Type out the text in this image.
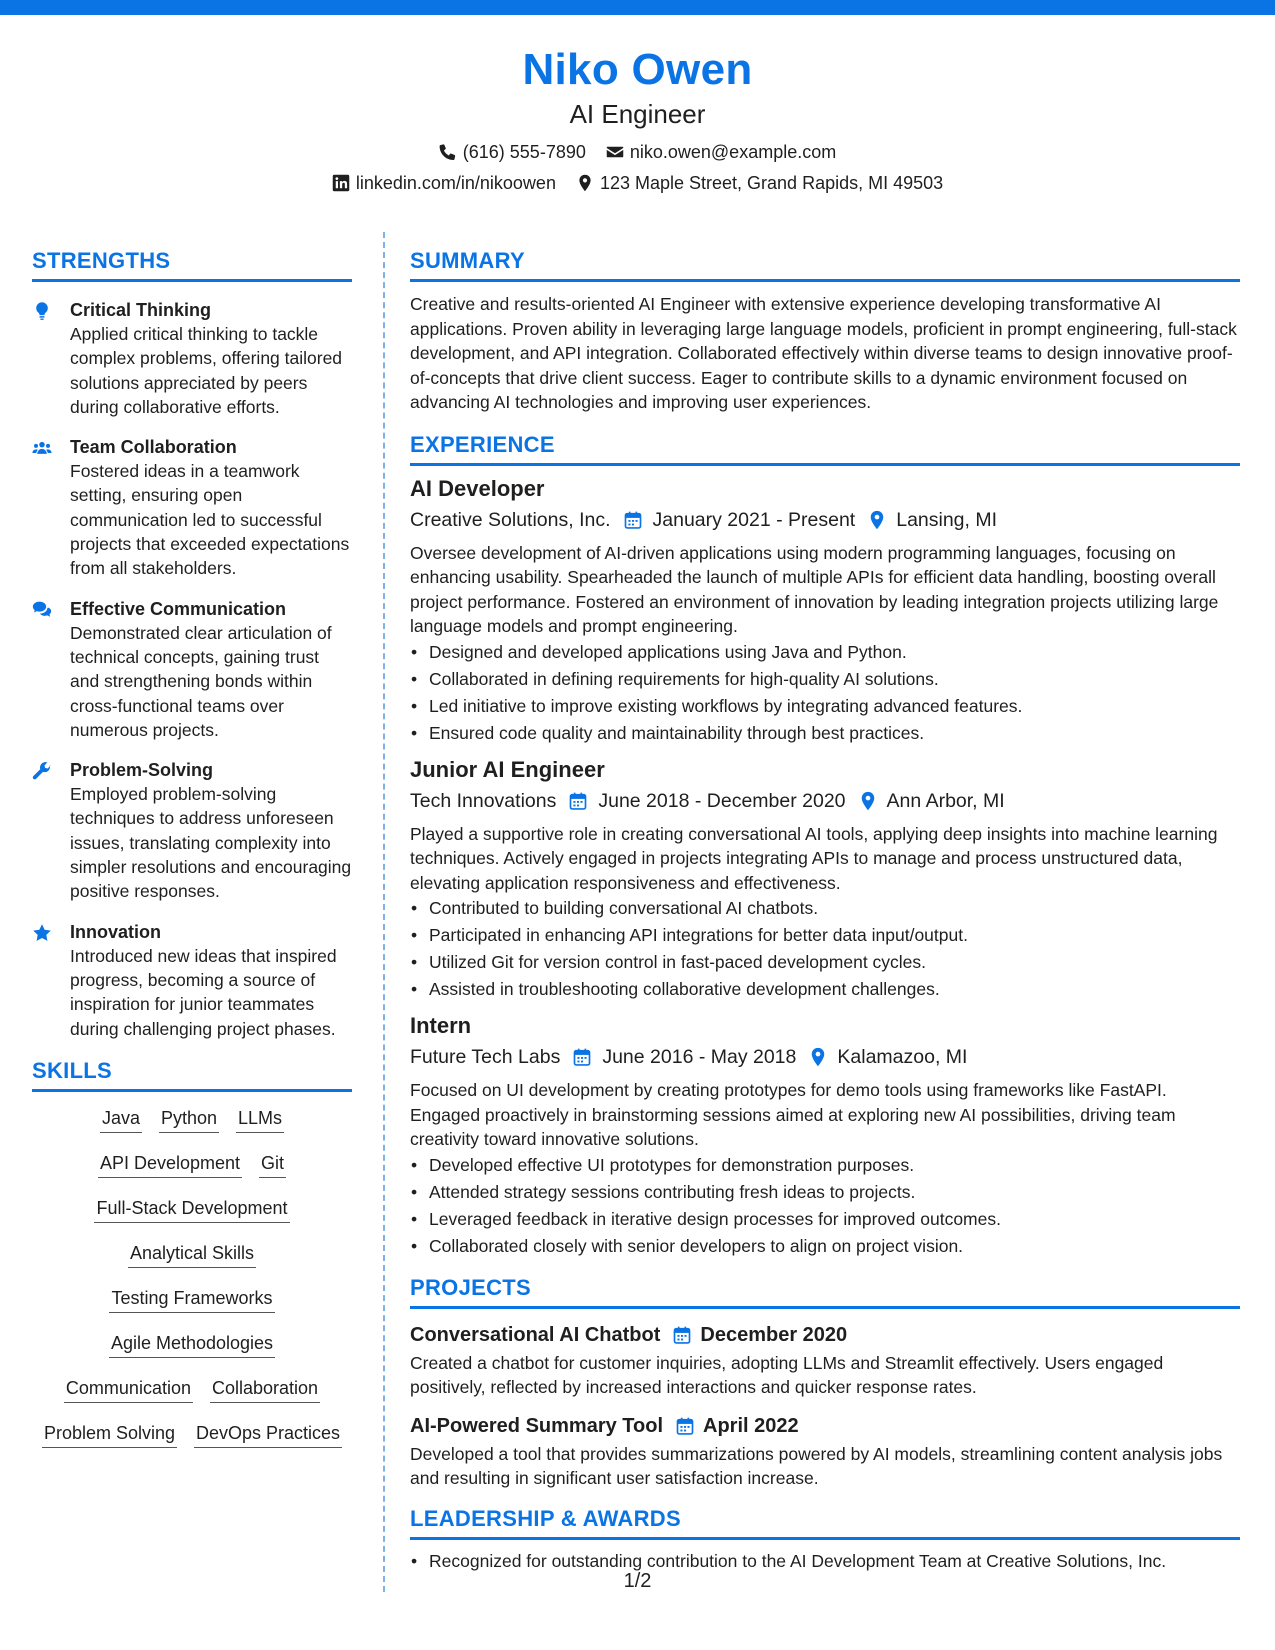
Niko Owen
AI Engineer
(616) 555-7890 niko.owen@example.com
linkedin.com/in/nikoowen 123 Maple Street, Grand Rapids, MI 49503
STRENGTHS
Critical Thinking
Applied critical thinking to tackle complex problems, offering tailored solutions appreciated by peers during collaborative efforts.
Team Collaboration
Fostered ideas in a teamwork setting, ensuring open communication led to successful projects that exceeded expectations from all stakeholders.
Effective Communication
Demonstrated clear articulation of technical concepts, gaining trust and strengthening bonds within cross-functional teams over numerous projects.
Problem-Solving
Employed problem-solving techniques to address unforeseen issues, translating complexity into simpler resolutions and encouraging positive responses.
Innovation
Introduced new ideas that inspired progress, becoming a source of inspiration for junior teammates during challenging project phases.
SKILLS
Java Python LLMs
API Development Git
Full-Stack Development
Analytical Skills
Testing Frameworks
Agile Methodologies
Communication Collaboration
Problem Solving DevOps Practices
SUMMARY
Creative and results-oriented AI Engineer with extensive experience developing transformative AI applications. Proven ability in leveraging large language models, proficient in prompt engineering, full-stack development, and API integration. Collaborated effectively within diverse teams to design innovative proof-of-concepts that drive client success. Eager to contribute skills to a dynamic environment focused on advancing AI technologies and improving user experiences.
EXPERIENCE
AI Developer
Creative Solutions, Inc. January 2021 - Present Lansing, MI
Oversee development of AI-driven applications using modern programming languages, focusing on enhancing usability. Spearheaded the launch of multiple APIs for efficient data handling, boosting overall project performance. Fostered an environment of innovation by leading integration projects utilizing large language models and prompt engineering.
• Designed and developed applications using Java and Python.
• Collaborated in defining requirements for high-quality AI solutions.
• Led initiative to improve existing workflows by integrating advanced features.
• Ensured code quality and maintainability through best practices.
Junior AI Engineer
Tech Innovations June 2018 - December 2020 Ann Arbor, MI
Played a supportive role in creating conversational AI tools, applying deep insights into machine learning techniques. Actively engaged in projects integrating APIs to manage and process unstructured data, elevating application responsiveness and effectiveness.
• Contributed to building conversational AI chatbots.
• Participated in enhancing API integrations for better data input/output.
• Utilized Git for version control in fast-paced development cycles.
• Assisted in troubleshooting collaborative development challenges.
Intern
Future Tech Labs June 2016 - May 2018 Kalamazoo, MI
Focused on UI development by creating prototypes for demo tools using frameworks like FastAPI. Engaged proactively in brainstorming sessions aimed at exploring new AI possibilities, driving team creativity toward innovative solutions.
• Developed effective UI prototypes for demonstration purposes.
• Attended strategy sessions contributing fresh ideas to projects.
• Leveraged feedback in iterative design processes for improved outcomes.
• Collaborated closely with senior developers to align on project vision.
PROJECTS
Conversational AI Chatbot December 2020
Created a chatbot for customer inquiries, adopting LLMs and Streamlit effectively. Users engaged positively, reflected by increased interactions and quicker response rates.
AI-Powered Summary Tool April 2022
Developed a tool that provides summarizations powered by AI models, streamlining content analysis jobs and resulting in significant user satisfaction increase.
LEADERSHIP & AWARDS
• Recognized for outstanding contribution to the AI Development Team at Creative Solutions, Inc.
1/2
